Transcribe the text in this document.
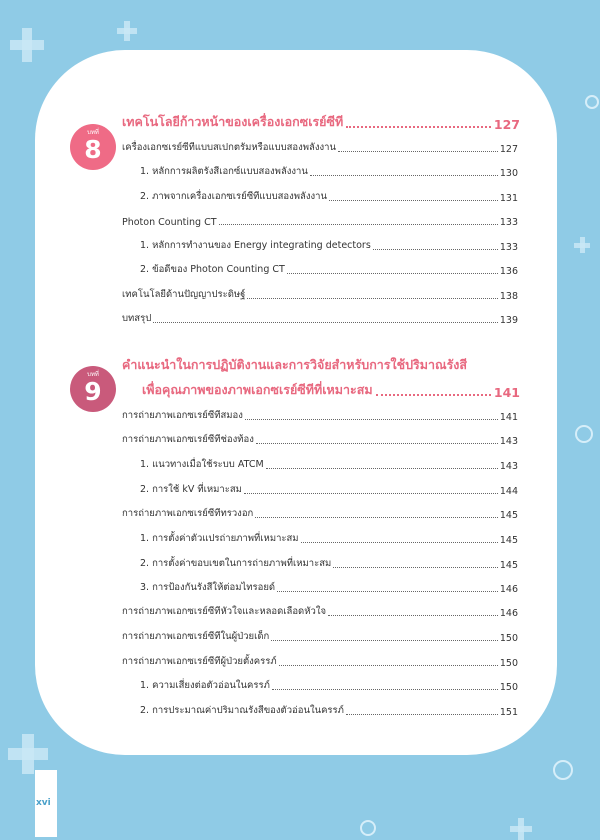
บทที่
8
เทคโนโลยีก้าวหน้าของเครื่องเอกซเรย์ซีที	127
เครื่องเอกซเรย์ซีทีแบบสเปกตรัมหรือแบบสองพลังงาน	127
1. หลักการผลิตรังสีเอกซ์แบบสองพลังงาน	130
2. ภาพจากเครื่องเอกซเรย์ซีทีแบบสองพลังงาน	131
Photon Counting CT	133
1. หลักการทำงานของ Energy integrating detectors	133
2. ข้อดีของ Photon Counting CT	136
เทคโนโลยีด้านปัญญาประดิษฐ์	138
บทสรุป	139
บทที่
9
คำแนะนำในการปฏิบัติงานและการวิจัยสำหรับการใช้ปริมาณรังสี
เพื่อคุณภาพของภาพเอกซเรย์ซีทีที่เหมาะสม	141
การถ่ายภาพเอกซเรย์ซีทีสมอง	141
การถ่ายภาพเอกซเรย์ซีทีช่องท้อง	143
1. แนวทางเมื่อใช้ระบบ ATCM	143
2. การใช้ kV ที่เหมาะสม	144
การถ่ายภาพเอกซเรย์ซีทีทรวงอก	145
1. การตั้งค่าตัวแปรถ่ายภาพที่เหมาะสม	145
2. การตั้งค่าขอบเขตในการถ่ายภาพที่เหมาะสม	145
3. การป้องกันรังสีให้ต่อมไทรอยด์	146
การถ่ายภาพเอกซเรย์ซีทีหัวใจและหลอดเลือดหัวใจ	146
การถ่ายภาพเอกซเรย์ซีทีในผู้ป่วยเด็ก	150
การถ่ายภาพเอกซเรย์ซีทีผู้ป่วยตั้งครรภ์	150
1. ความเสี่ยงต่อตัวอ่อนในครรภ์	150
2. การประมาณค่าปริมาณรังสีของตัวอ่อนในครรภ์	151
xvi
